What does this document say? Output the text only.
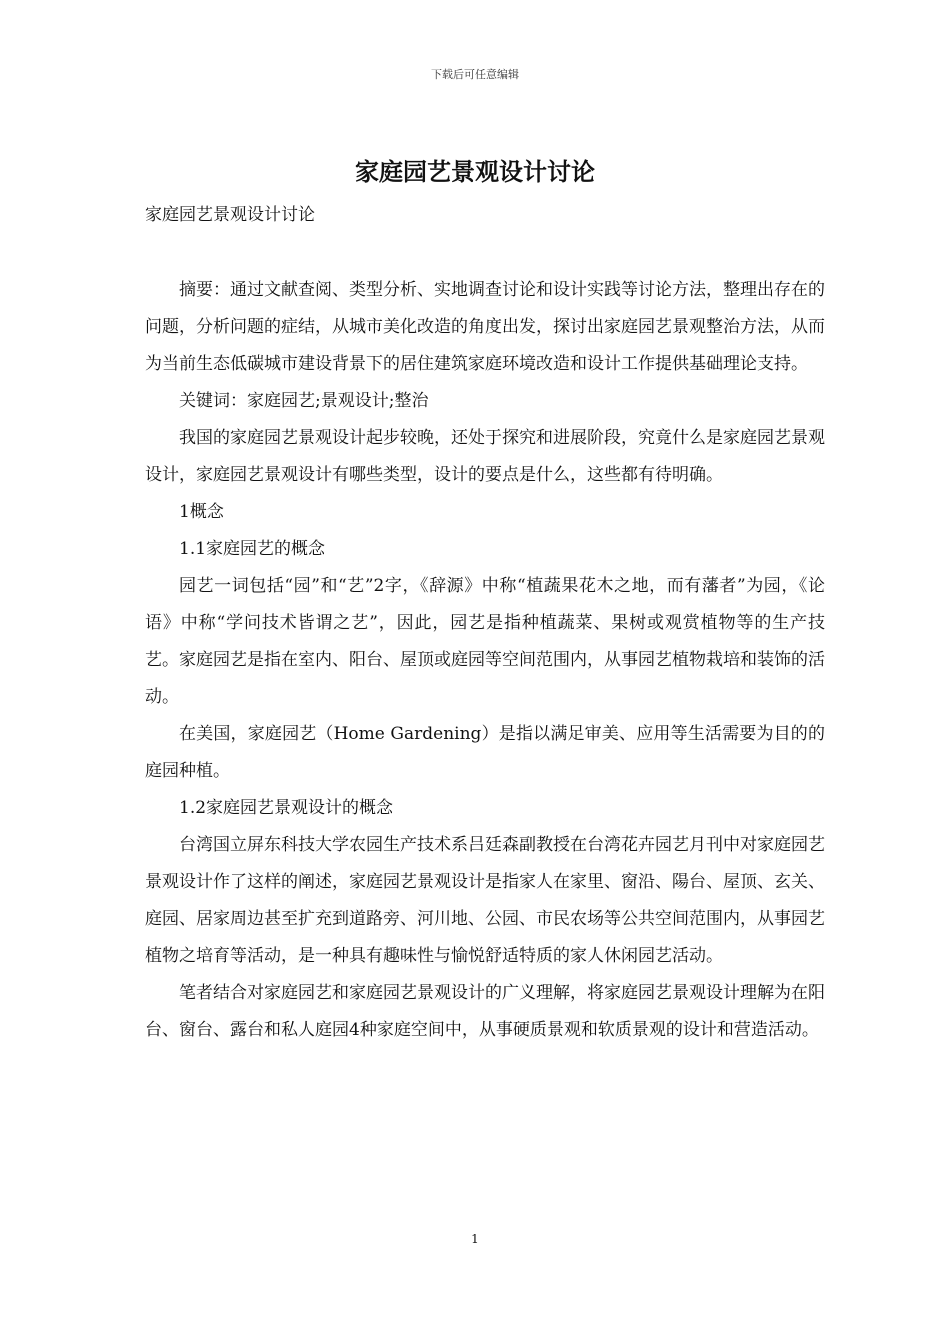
下载后可任意编辑
家庭园艺景观设计讨论

家庭园艺景观设计讨论

摘要：通过文献查阅、类型分析、实地调查讨论和设计实践等讨论方法，整理出存在的问题，分析问题的症结，从城市美化改造的角度出发，探讨出家庭园艺景观整治方法，从而为当前生态低碳城市建设背景下的居住建筑家庭环境改造和设计工作提供基础理论支持。

关键词：家庭园艺;景观设计;整治

我国的家庭园艺景观设计起步较晚，还处于探究和进展阶段，究竟什么是家庭园艺景观设计，家庭园艺景观设计有哪些类型，设计的要点是什么，这些都有待明确。

1概念

1.1家庭园艺的概念

园艺一词包括“园”和“艺”2字，《辞源》中称“植蔬果花木之地，而有藩者”为园，《论语》中称“学问技术皆谓之艺”，因此，园艺是指种植蔬菜、果树或观赏植物等的生产技艺。家庭园艺是指在室内、阳台、屋顶或庭园等空间范围内，从事园艺植物栽培和装饰的活动。

在美国，家庭园艺（Home Gardening）是指以满足审美、应用等生活需要为目的的庭园种植。

1.2家庭园艺景观设计的概念

台湾国立屏东科技大学农园生产技术系吕廷森副教授在台湾花卉园艺月刊中对家庭园艺景观设计作了这样的阐述，家庭园艺景观设计是指家人在家里、窗沿、陽台、屋顶、玄关、庭园、居家周边甚至扩充到道路旁、河川地、公园、市民农场等公共空间范围内，从事园艺植物之培育等活动，是一种具有趣味性与愉悦舒适特质的家人休闲园艺活动。

笔者结合对家庭园艺和家庭园艺景观设计的广义理解，将家庭园艺景观设计理解为在阳台、窗台、露台和私人庭园4种家庭空间中，从事硬质景观和软质景观的设计和营造活动。

1
